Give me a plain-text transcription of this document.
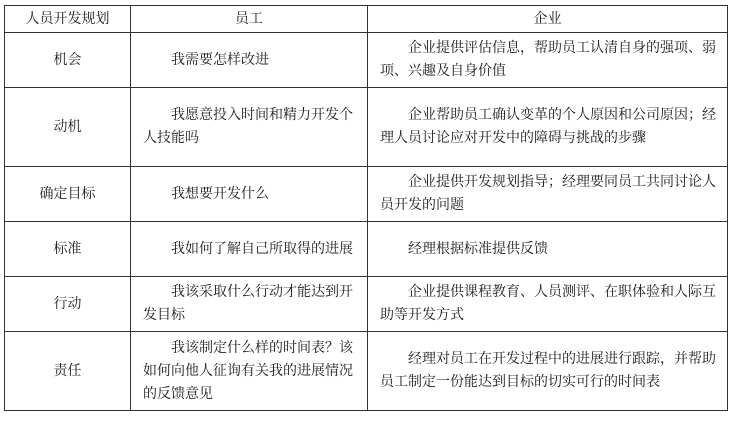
人员开发规划	员工	企业
机会	我需要怎样改进	企业提供评估信息，帮助员工认清自身的强项、弱项、兴趣及自身价值
动机	我愿意投入时间和精力开发个人技能吗	企业帮助员工确认变革的个人原因和公司原因；经理人员讨论应对开发中的障碍与挑战的步骤
确定目标	我想要开发什么	企业提供开发规划指导；经理要同员工共同讨论人员开发的问题
标准	我如何了解自己所取得的进展	经理根据标准提供反馈
行动	我该采取什么行动才能达到开发目标	企业提供课程教育、人员测评、在职体验和人际互助等开发方式
责任	我该制定什么样的时间表？该如何向他人征询有关我的进展情况的反馈意见	经理对员工在开发过程中的进展进行跟踪，并帮助员工制定一份能达到目标的切实可行的时间表
